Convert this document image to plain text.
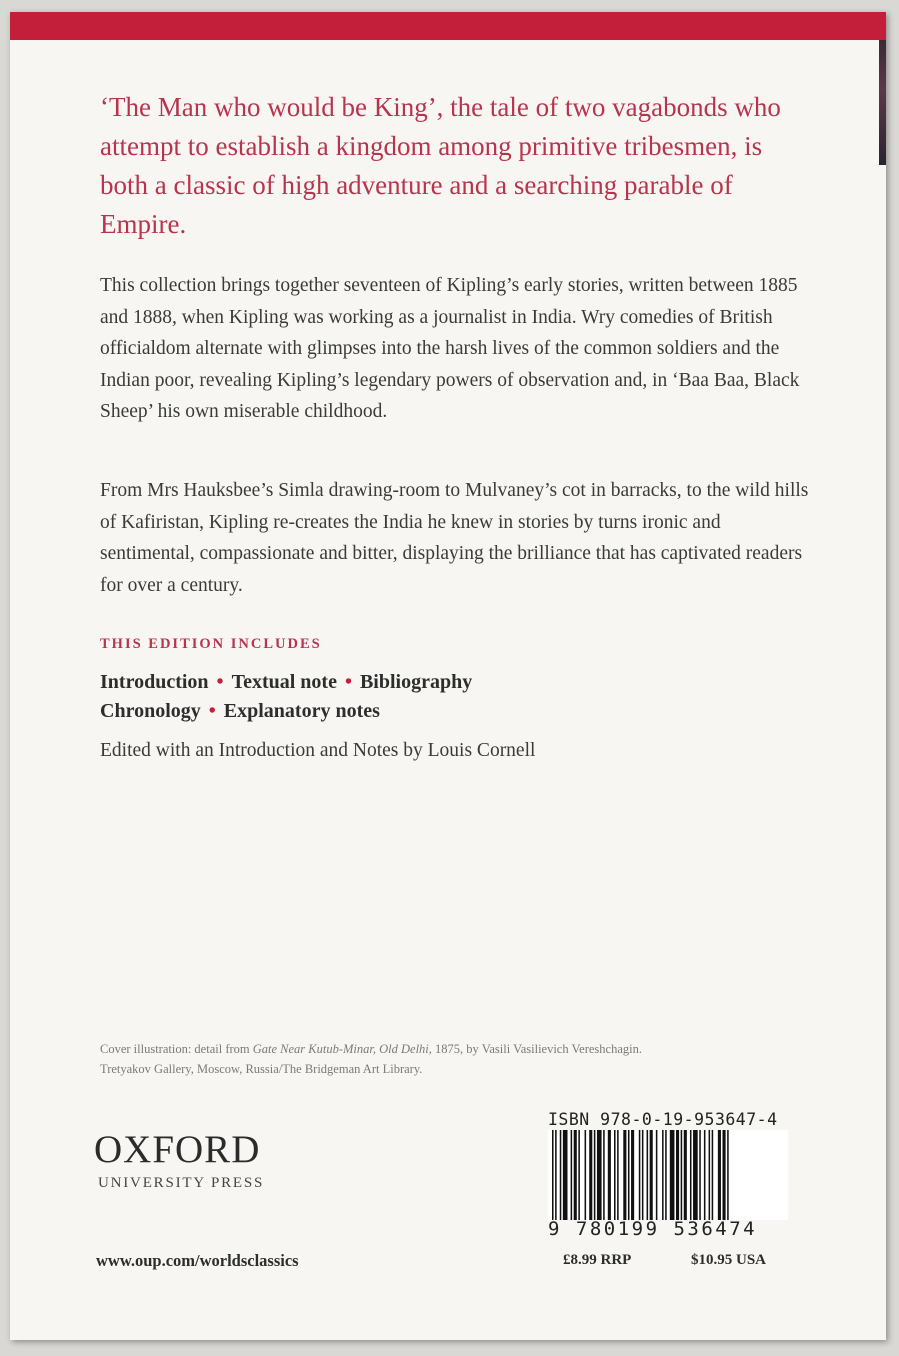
‘The Man who would be King’, the tale of two vagabonds who attempt to establish a kingdom among primitive tribesmen, is both a classic of high adventure and a searching parable of Empire.

This collection brings together seventeen of Kipling’s early stories, written between 1885 and 1888, when Kipling was working as a journalist in India. Wry comedies of British officialdom alternate with glimpses into the harsh lives of the common soldiers and the Indian poor, revealing Kipling’s legendary powers of observation and, in ‘Baa Baa, Black Sheep’ his own miserable childhood.

From Mrs Hauksbee’s Simla drawing-room to Mulvaney’s cot in barracks, to the wild hills of Kafiristan, Kipling re-creates the India he knew in stories by turns ironic and sentimental, compassionate and bitter, displaying the brilliance that has captivated readers for over a century.

THIS EDITION INCLUDES
Introduction • Textual note • Bibliography
Chronology • Explanatory notes
Edited with an Introduction and Notes by Louis Cornell
Cover illustration: detail from Gate Near Kutub-Minar, Old Delhi, 1875, by Vasili Vasilievich Vereshchagin.
Tretyakov Gallery, Moscow, Russia/The Bridgeman Art Library.
OXFORD
UNIVERSITY PRESS
www.oup.com/worldsclassics
ISBN 978-0-19-953647-4
9 780199 536474
£8.99 RRP	$10.95 USA
